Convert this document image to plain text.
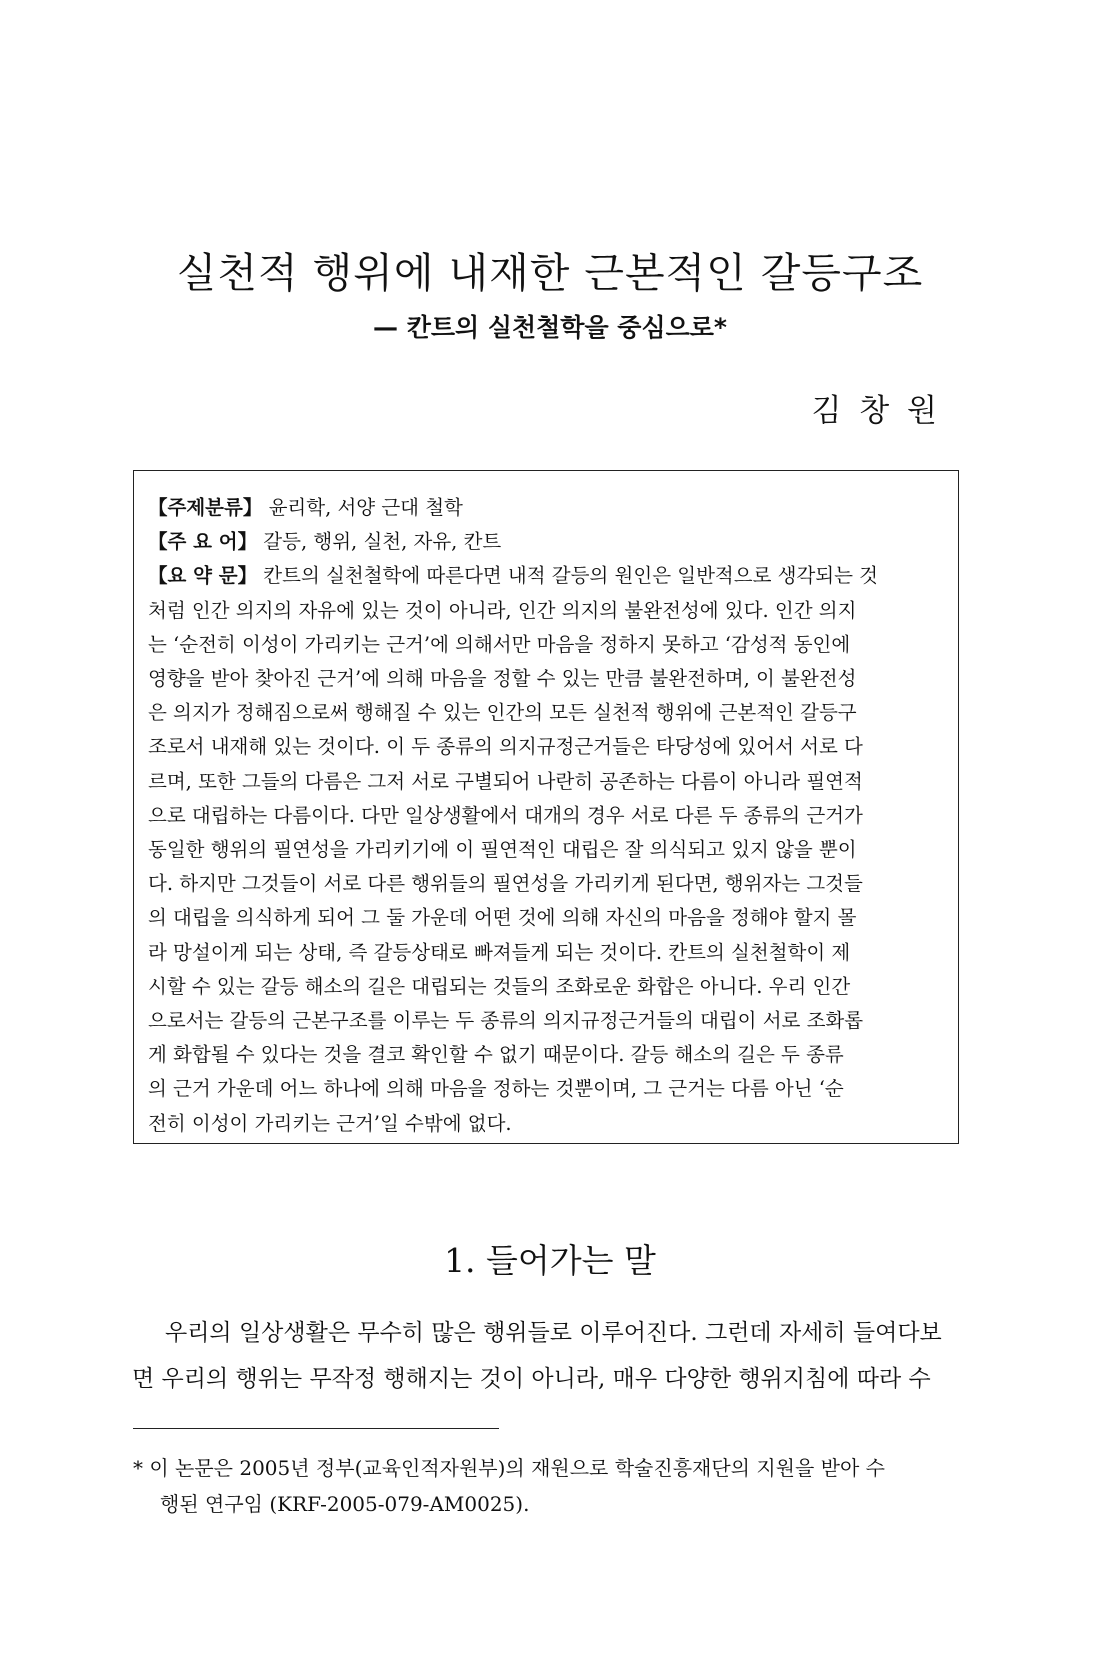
실천적 행위에 내재한 근본적인 갈등구조
— 칸트의 실천철학을 중심으로*
김 창 원
【주제분류】 윤리학, 서양 근대 철학
【주 요 어】 갈등, 행위, 실천, 자유, 칸트
【요 약 문】 칸트의 실천철학에 따른다면 내적 갈등의 원인은 일반적으로 생각되는 것
처럼 인간 의지의 자유에 있는 것이 아니라, 인간 의지의 불완전성에 있다. 인간 의지
는 ‘순전히 이성이 가리키는 근거’에 의해서만 마음을 정하지 못하고 ‘감성적 동인에
영향을 받아 찾아진 근거’에 의해 마음을 정할 수 있는 만큼 불완전하며, 이 불완전성
은 의지가 정해짐으로써 행해질 수 있는 인간의 모든 실천적 행위에 근본적인 갈등구
조로서 내재해 있는 것이다. 이 두 종류의 의지규정근거들은 타당성에 있어서 서로 다
르며, 또한 그들의 다름은 그저 서로 구별되어 나란히 공존하는 다름이 아니라 필연적
으로 대립하는 다름이다. 다만 일상생활에서 대개의 경우 서로 다른 두 종류의 근거가
동일한 행위의 필연성을 가리키기에 이 필연적인 대립은 잘 의식되고 있지 않을 뿐이
다. 하지만 그것들이 서로 다른 행위들의 필연성을 가리키게 된다면, 행위자는 그것들
의 대립을 의식하게 되어 그 둘 가운데 어떤 것에 의해 자신의 마음을 정해야 할지 몰
라 망설이게 되는 상태, 즉 갈등상태로 빠져들게 되는 것이다. 칸트의 실천철학이 제
시할 수 있는 갈등 해소의 길은 대립되는 것들의 조화로운 화합은 아니다. 우리 인간
으로서는 갈등의 근본구조를 이루는 두 종류의 의지규정근거들의 대립이 서로 조화롭
게 화합될 수 있다는 것을 결코 확인할 수 없기 때문이다. 갈등 해소의 길은 두 종류
의 근거 가운데 어느 하나에 의해 마음을 정하는 것뿐이며, 그 근거는 다름 아닌 ‘순
전히 이성이 가리키는 근거’일 수밖에 없다.
1. 들어가는 말
우리의 일상생활은 무수히 많은 행위들로 이루어진다. 그런데 자세히 들여다보
면 우리의 행위는 무작정 행해지는 것이 아니라, 매우 다양한 행위지침에 따라 수
* 이 논문은 2005년 정부(교육인적자원부)의 재원으로 학술진흥재단의 지원을 받아 수
행된 연구임 (KRF-2005-079-AM0025).
